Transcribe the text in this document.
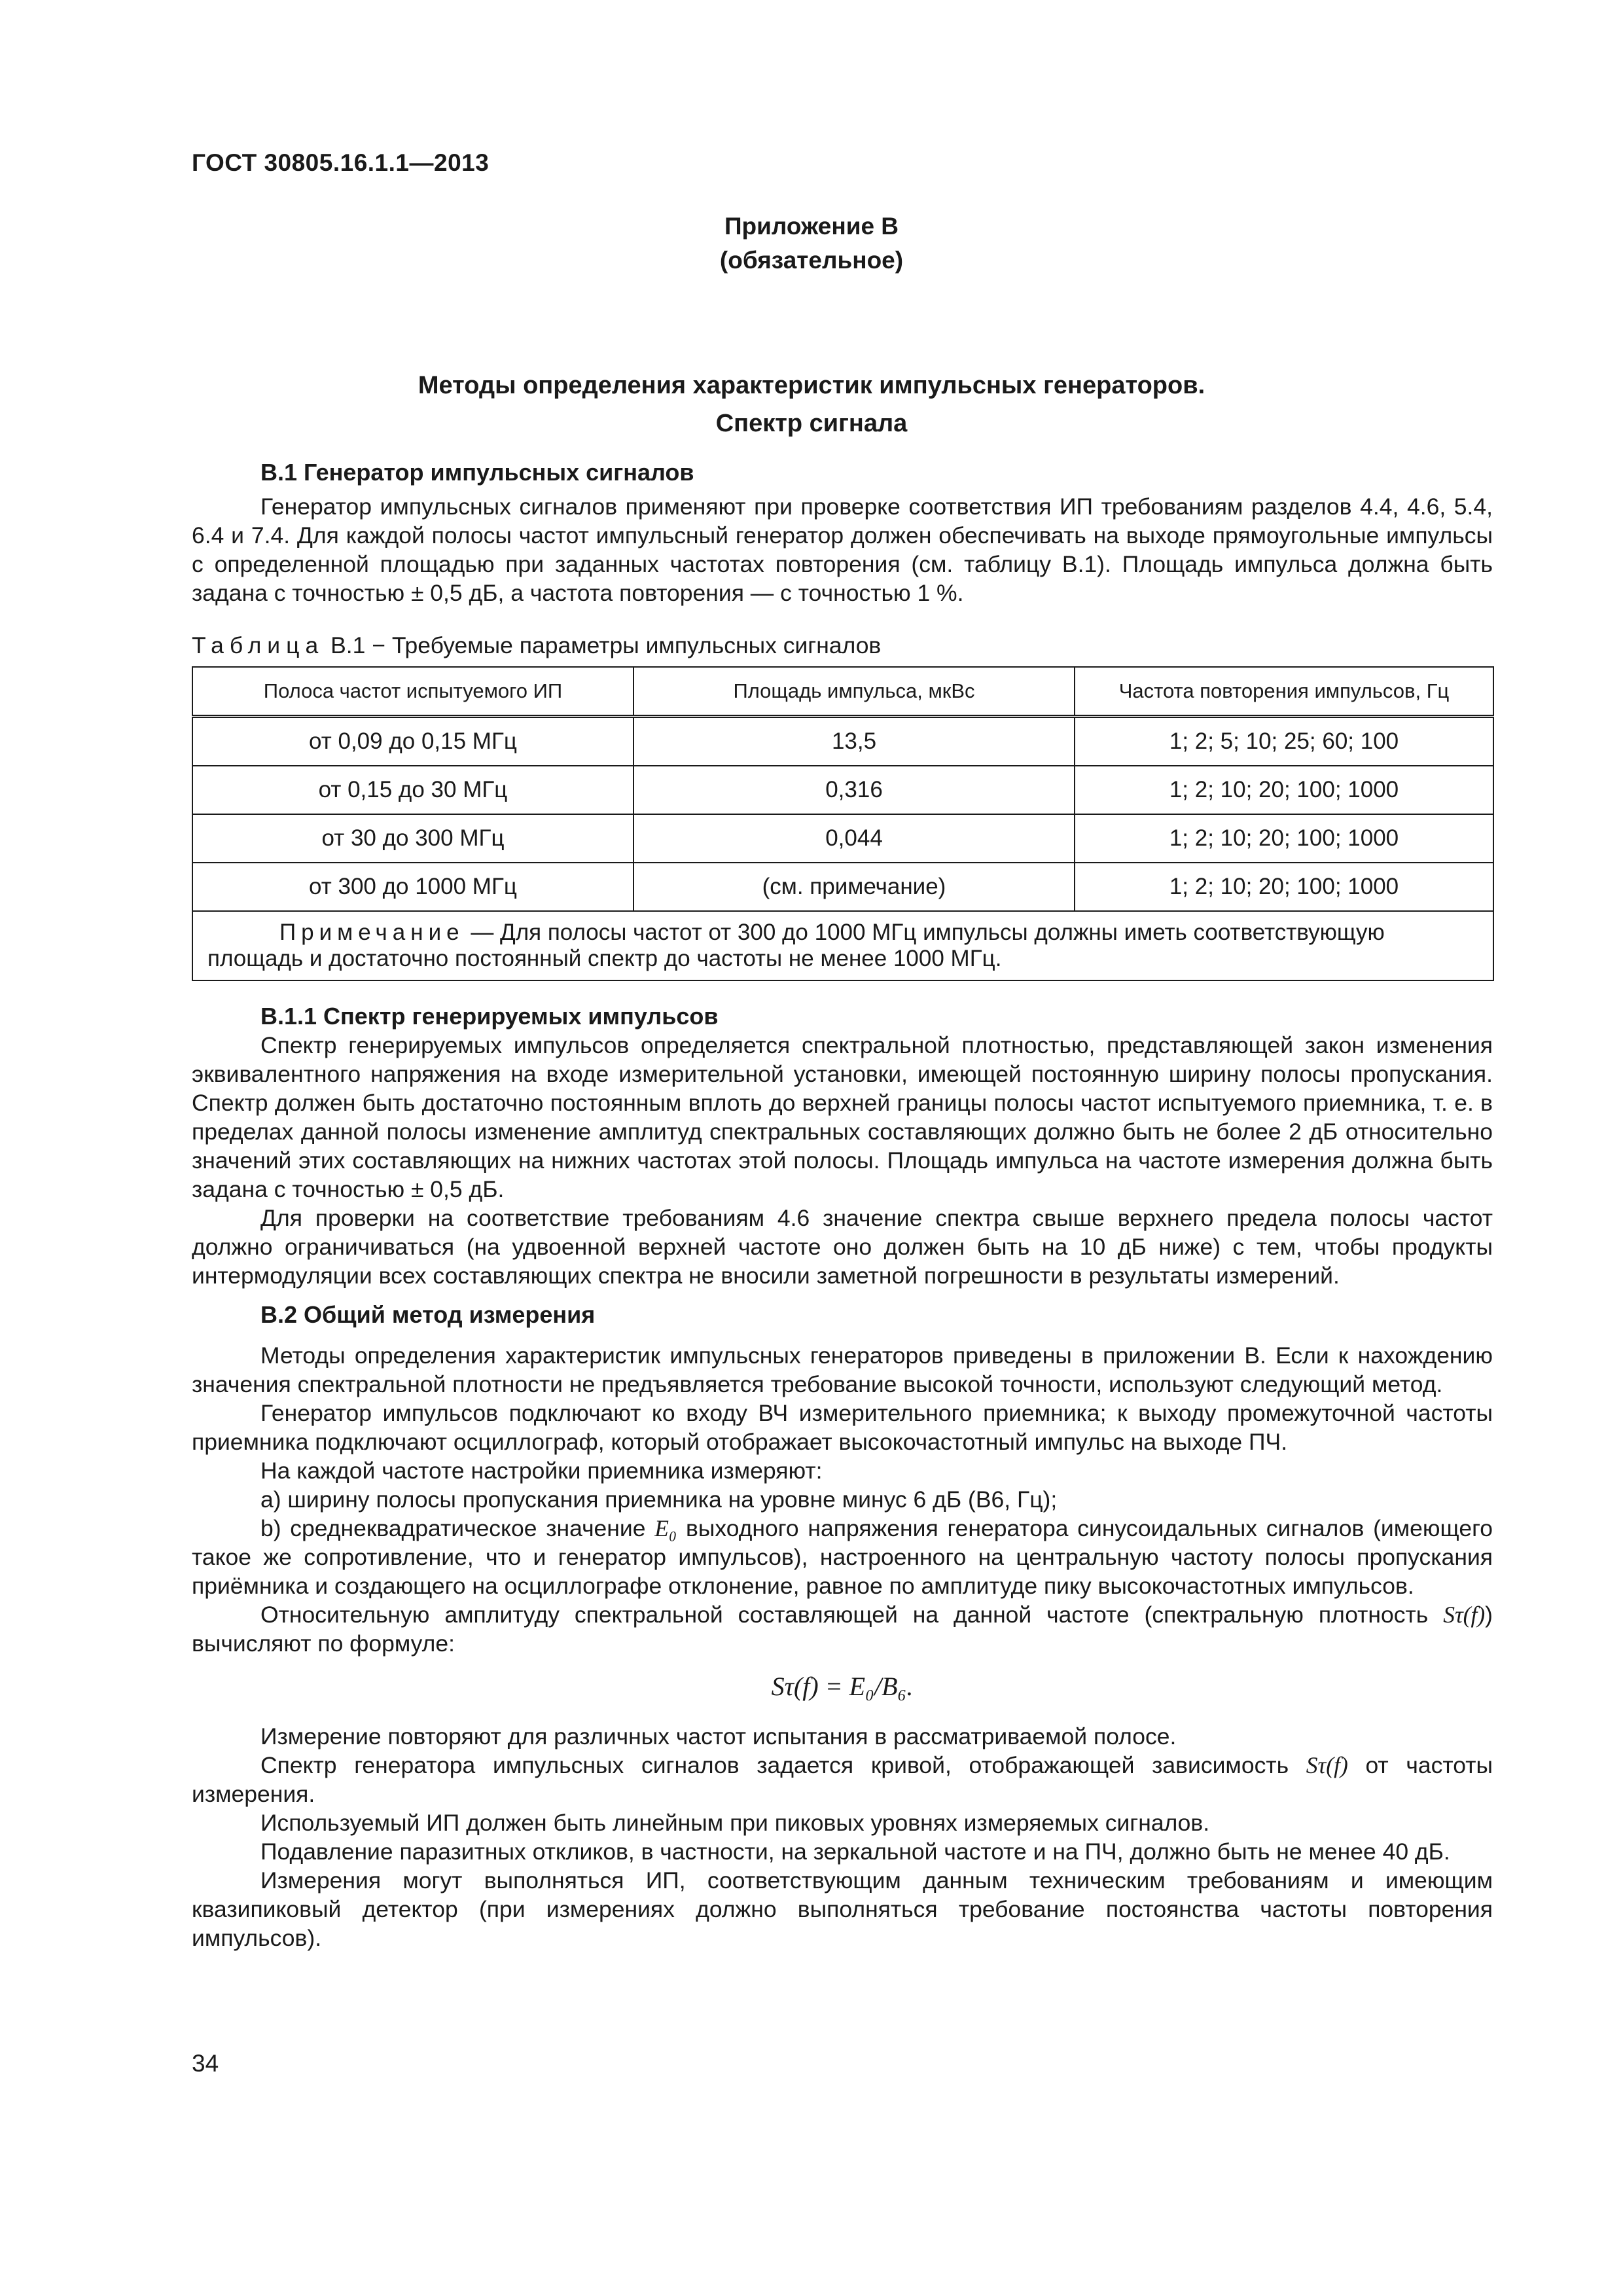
ГОСТ 30805.16.1.1—2013
Приложение В
(обязательное)
Методы определения характеристик импульсных генераторов.
Спектр сигнала
В.1 Генератор импульсных сигналов

Генератор импульсных сигналов применяют при проверке соответствия ИП требованиям разделов 4.4, 4.6, 5.4, 6.4 и 7.4. Для каждой полосы частот импульсный генератор должен обеспечивать на выходе прямоугольные импульсы с определенной площадью при заданных частотах повторения (см. таблицу В.1). Площадь импульса должна быть задана с точностью ± 0,5 дБ, а частота повторения — с точностью 1 %.

Таблица В.1 − Требуемые параметры импульсных сигналов
Полоса частот испытуемого ИП	Площадь импульса, мкВс	Частота повторения импульсов, Гц
от 0,09 до 0,15 МГц	13,5	1; 2; 5; 10; 25; 60; 100
от 0,15 до 30 МГц	0,316	1; 2; 10; 20; 100; 1000
от 30 до 300 МГц	0,044	1; 2; 10; 20; 100; 1000
от 300 до 1000 МГц	(см. примечание)	1; 2; 10; 20; 100; 1000
Примечание — Для полосы частот от 300 до 1000 МГц импульсы должны иметь соответствующую площадь и достаточно постоянный спектр до частоты не менее 1000 МГц.		
В.1.1 Спектр генерируемых импульсов

Спектр генерируемых импульсов определяется спектральной плотностью, представляющей закон изменения эквивалентного напряжения на входе измерительной установки, имеющей постоянную ширину полосы пропускания. Спектр должен быть достаточно постоянным вплоть до верхней границы полосы частот испытуемого приемника, т. е. в пределах данной полосы изменение амплитуд спектральных составляющих должно быть не более 2 дБ относительно значений этих составляющих на нижних частотах этой полосы. Площадь импульса на частоте измерения должна быть задана с точностью ± 0,5 дБ.

Для проверки на соответствие требованиям 4.6 значение спектра свыше верхнего предела полосы частот должно ограничиваться (на удвоенной верхней частоте оно должен быть на 10 дБ ниже) с тем, чтобы продукты интермодуляции всех составляющих спектра не вносили заметной погрешности в результаты измерений.

В.2 Общий метод измерения

Методы определения характеристик импульсных генераторов приведены в приложении В. Если к нахождению значения спектральной плотности не предъявляется требование высокой точности, используют следующий метод.

Генератор импульсов подключают ко входу ВЧ измерительного приемника; к выходу промежуточной частоты приемника подключают осциллограф, который отображает высокочастотный импульс на выходе ПЧ.

На каждой частоте настройки приемника измеряют:

a) ширину полосы пропускания приемника на уровне минус 6 дБ (В6, Гц);

b) среднеквадратическое значение E₀ выходного напряжения генератора синусоидальных сигналов (имеющего такое же сопротивление, что и генератор импульсов), настроенного на центральную частоту полосы пропускания приёмника и создающего на осциллографе отклонение, равное по амплитуде пику высокочастотных импульсов.

Относительную амплитуду спектральной составляющей на данной частоте (спектральную плотность Sτ(f)) вычисляют по формуле:

Sτ(f) = E₀/B₆.

Измерение повторяют для различных частот испытания в рассматриваемой полосе.

Спектр генератора импульсных сигналов задается кривой, отображающей зависимость Sτ(f) от частоты измерения.

Используемый ИП должен быть линейным при пиковых уровнях измеряемых сигналов.

Подавление паразитных откликов, в частности, на зеркальной частоте и на ПЧ, должно быть не менее 40 дБ.

Измерения могут выполняться ИП, соответствующим данным техническим требованиям и имеющим квазипиковый детектор (при измерениях должно выполняться требование постоянства частоты повторения импульсов).

34
